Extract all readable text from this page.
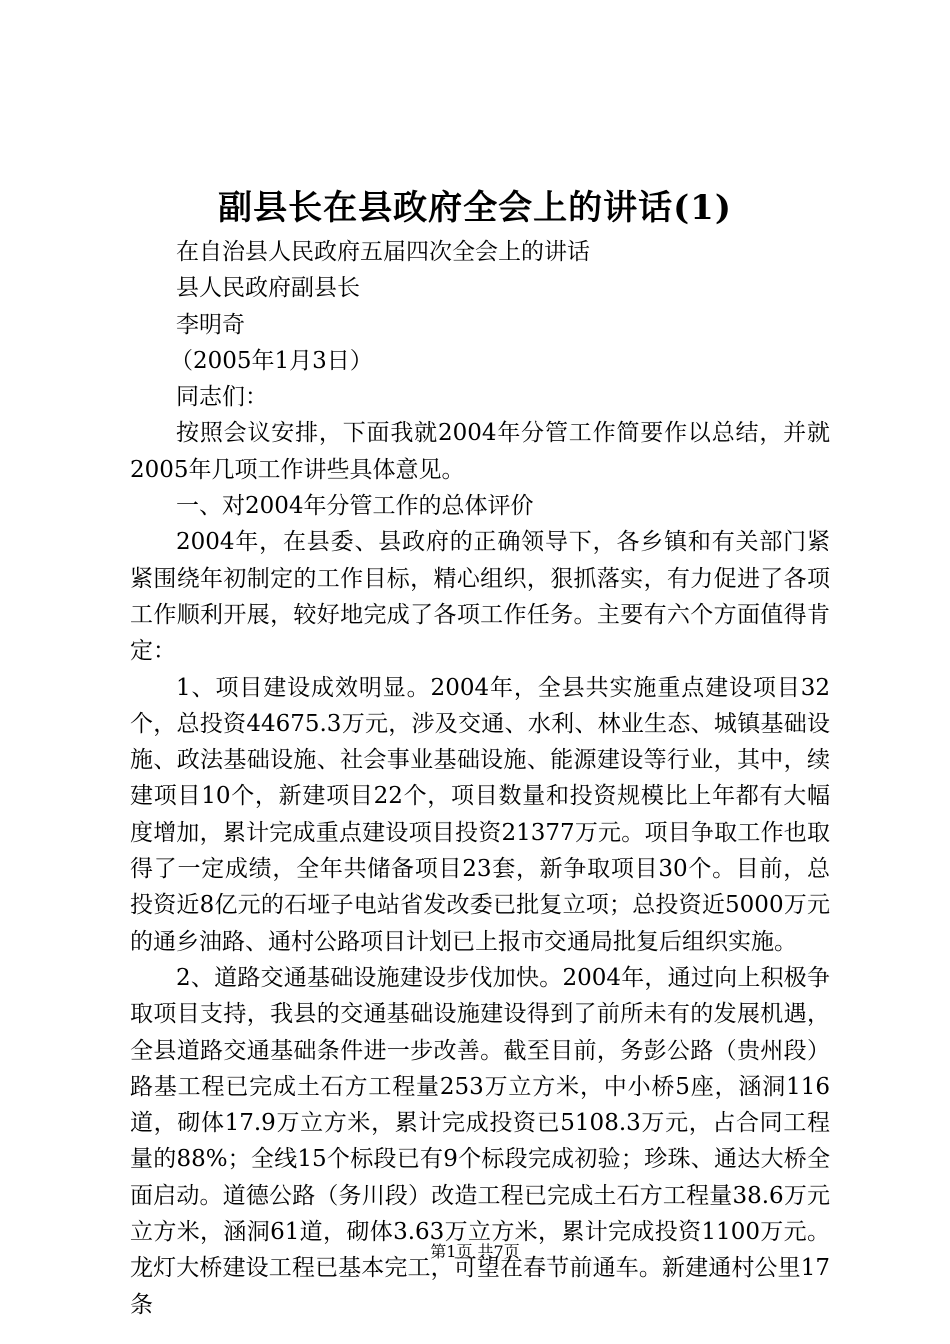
副县长在县政府全会上的讲话(1)

在自治县人民政府五届四次全会上的讲话

县人民政府副县长

李明奇

（2005年1月3日）

同志们：

按照会议安排，下面我就2004年分管工作简要作以总结，并就2005年几项工作讲些具体意见。

一、对2004年分管工作的总体评价

2004年，在县委、县政府的正确领导下，各乡镇和有关部门紧紧围绕年初制定的工作目标，精心组织，狠抓落实，有力促进了各项工作顺利开展，较好地完成了各项工作任务。主要有六个方面值得肯定：

1、项目建设成效明显。2004年，全县共实施重点建设项目32个，总投资44675.3万元，涉及交通、水利、林业生态、城镇基础设施、政法基础设施、社会事业基础设施、能源建设等行业，其中，续建项目10个，新建项目22个，项目数量和投资规模比上年都有大幅度增加，累计完成重点建设项目投资21377万元。项目争取工作也取得了一定成绩，全年共储备项目23套，新争取项目30个。目前，总投资近8亿元的石垭子电站省发改委已批复立项；总投资近5000万元的通乡油路、通村公路项目计划已上报市交通局批复后组织实施。

2、道路交通基础设施建设步伐加快。2004年，通过向上积极争取项目支持，我县的交通基础设施建设得到了前所未有的发展机遇，全县道路交通基础条件进一步改善。截至目前，务彭公路（贵州段）路基工程已完成土石方工程量253万立方米，中小桥5座，涵洞116道，砌体17.9万立方米，累计完成投资已5108.3万元，占合同工程量的88%；全线15个标段已有9个标段完成初验；珍珠、通达大桥全面启动。道德公路（务川段）改造工程已完成土石方工程量38.6万元立方米，涵洞61道，砌体3.63万立方米，累计完成投资1100万元。龙灯大桥建设工程已基本完工，可望在春节前通车。新建通村公里17条

第1页 共7页
